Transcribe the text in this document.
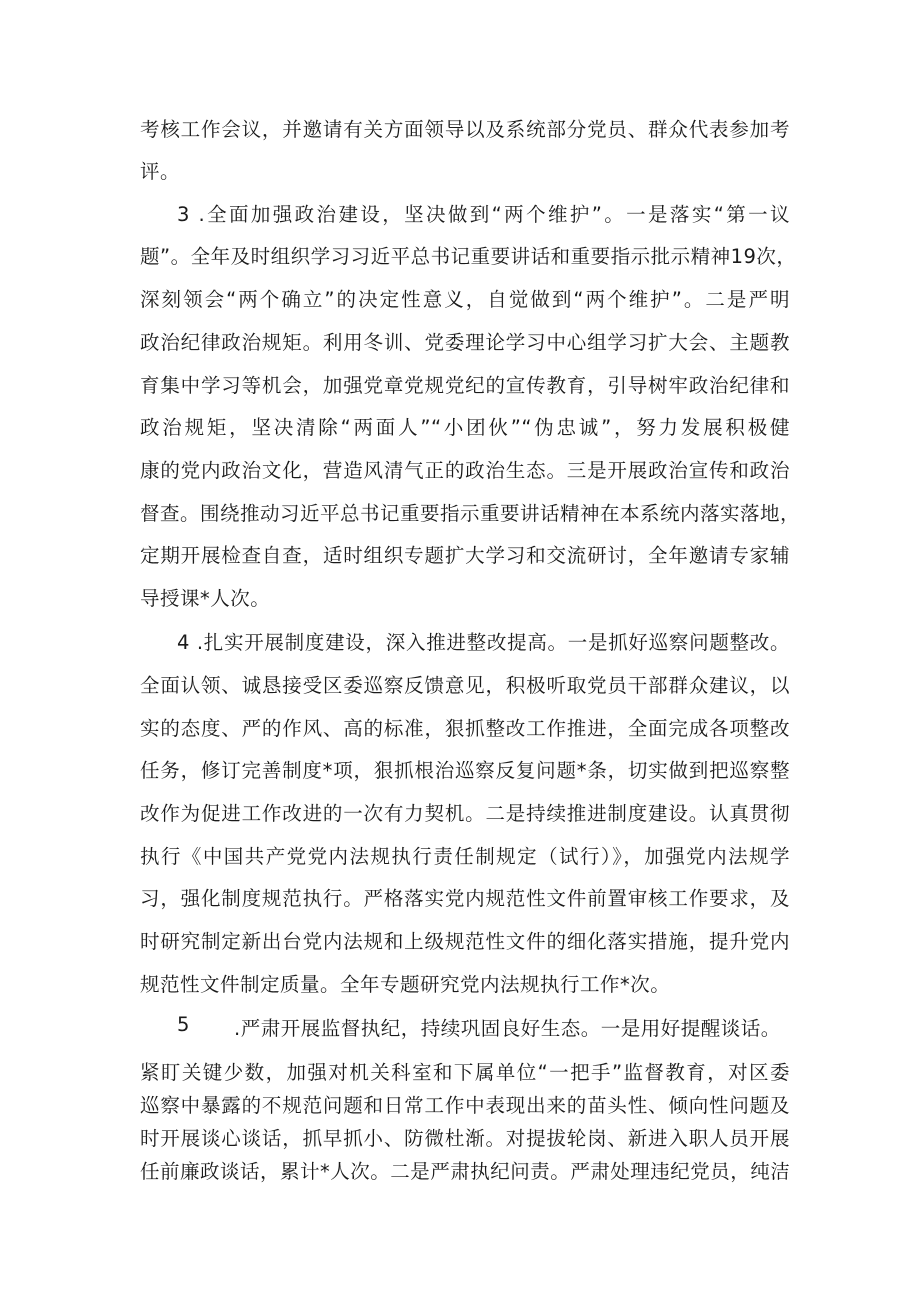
考核工作会议，并邀请有关方面领导以及系统部分党员、群众代表参加考
评。
3 .全面加强政治建设，坚决做到“两个维护”。一是落实“第一议
题”。全年及时组织学习习近平总书记重要讲话和重要指示批示精神19次，
深刻领会“两个确立”的决定性意义，自觉做到“两个维护”。二是严明
政治纪律政治规矩。利用冬训、党委理论学习中心组学习扩大会、主题教
育集中学习等机会，加强党章党规党纪的宣传教育，引导树牢政治纪律和
政治规矩，坚决清除“两面人”“小团伙”“伪忠诚”，努力发展积极健
康的党内政治文化，营造风清气正的政治生态。三是开展政治宣传和政治
督查。围绕推动习近平总书记重要指示重要讲话精神在本系统内落实落地，
定期开展检查自查，适时组织专题扩大学习和交流研讨，全年邀请专家辅
导授课*人次。
4 .扎实开展制度建设，深入推进整改提高。一是抓好巡察问题整改。
全面认领、诚恳接受区委巡察反馈意见，积极听取党员干部群众建议，以
实的态度、严的作风、高的标准，狠抓整改工作推进，全面完成各项整改
任务，修订完善制度*项，狠抓根治巡察反复问题*条，切实做到把巡察整
改作为促进工作改进的一次有力契机。二是持续推进制度建设。认真贯彻
执行《中国共产党党内法规执行责任制规定（试行）》，加强党内法规学
习，强化制度规范执行。严格落实党内规范性文件前置审核工作要求，及
时研究制定新出台党内法规和上级规范性文件的细化落实措施，提升党内
规范性文件制定质量。全年专题研究党内法规执行工作*次。
5 .严肃开展监督执纪，持续巩固良好生态。一是用好提醒谈话。
紧盯关键少数，加强对机关科室和下属单位“一把手”监督教育，对区委
巡察中暴露的不规范问题和日常工作中表现出来的苗头性、倾向性问题及
时开展谈心谈话，抓早抓小、防微杜渐。对提拔轮岗、新进入职人员开展
任前廉政谈话，累计*人次。二是严肃执纪问责。严肃处理违纪党员，纯洁
